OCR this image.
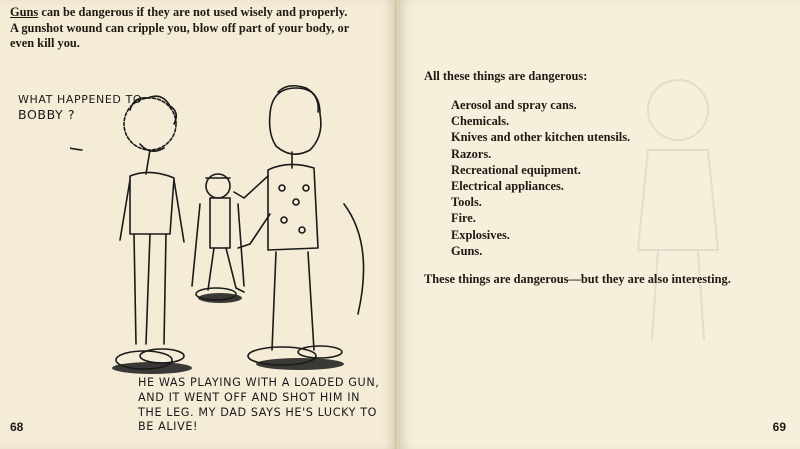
Guns can be dangerous if they are not used wisely and properly. A gunshot wound can cripple you, blow off part of your body, or even kill you.
WHAT HAPPENED TO
BOBBY ?
HE WAS PLAYING WITH A LOADED GUN,
AND IT WENT OFF AND SHOT HIM IN
THE LEG. MY DAD SAYS HE'S LUCKY TO
BE ALIVE!
68
All these things are dangerous:
Aerosol and spray cans.
Chemicals.
Knives and other kitchen utensils.
Razors.
Recreational equipment.
Electrical appliances.
Tools.
Fire.
Explosives.
Guns.
These things are dangerous—but they are also interesting.
69
